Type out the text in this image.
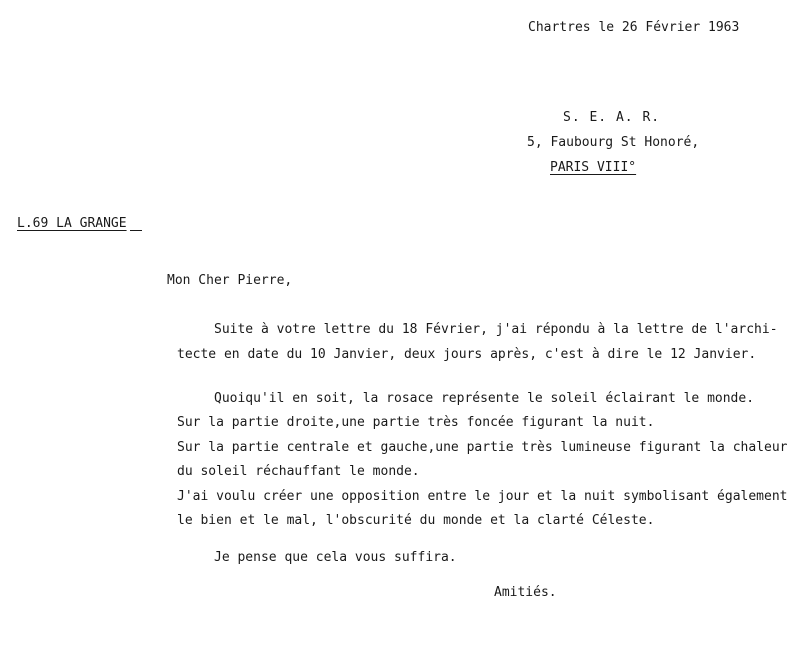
Chartres le 26 Février 1963
S. E. A. R.
5, Faubourg St Honoré,
PARIS VIII°
L.69 LA GRANGE
Mon Cher Pierre,
Suite à votre lettre du 18 Février, j'ai répondu à la lettre de l'archi-
tecte en date du 10 Janvier, deux jours après, c'est à dire le 12 Janvier.
Quoiqu'il en soit, la rosace représente le soleil éclairant le monde.
Sur la partie droite,une partie très foncée figurant la nuit.
Sur la partie centrale et gauche,une partie très lumineuse figurant la chaleur
du soleil réchauffant le monde.
J'ai voulu créer une opposition entre le jour et la nuit symbolisant également
le bien et le mal, l'obscurité du monde et la clarté Céleste.
Je pense que cela vous suffira.
Amitiés.
